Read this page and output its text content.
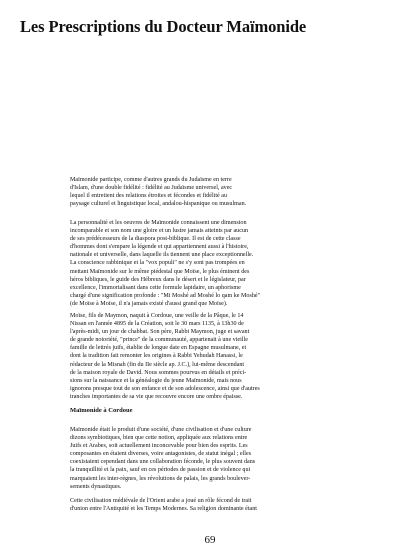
Les Prescriptions du Docteur Maïmonide
Maïmonide participe, comme d'autres grands du Judaïsme en terre
d'Islam, d'une double fidélité : fidélité au Judaïsme universel, avec
lequel il entretient des relations étroites et fécondes et fidélité au
paysage culturel et linguistique local, andalou-hispanique ou musulman.
La personnalité et les oeuvres de Maïmonide connaissent une dimension
incomparable et son nom une gloire et un lustre jamais atteints par aucun
de ses prédécesseurs de la diaspora post-biblique. Il est de cette classe
d'hommes dont s'empare la légende et qui appartiennent aussi à l'histoire,
nationale et universelle, dans laquelle ils tiennent une place exceptionnelle.
La conscience rabbinique et la "vox populi" ne s'y sont pas trompées en
mettant Maïmonide sur le même piédestal que Moïse, le plus éminent des
héros bibliques, le guide des Hébreux dans le désert et le législateur, par
excellence, l'immortalisant dans cette formule lapidaire, un aphorisme
chargé d'une signification profonde : "Mi Moshé ad Moshé lo qam ke Moshé"
(de Moïse à Moïse, il n'a jamais existé d'aussi grand que Moïse).
Moïse, fils de Maymon, naquit à Cordoue, une veille de la Pâque, le 14
Nissan en l'année 4895 de la Création, soit le 30 mars 1135, à 13h30 de
l'après-midi, un jour de chabbat. Son père, Rabbi Maymon, juge et savant
de grande notoriété, "prince" de la communauté, appartenait à une vieille
famille de lettrés juifs, établie de longue date en Espagne musulmane, et
dont la tradition fait remonter les origines à Rabbi Yehudah Hanassi, le
rédacteur de la Misnah (fin du IIe siècle ap. J.C.), lui-même descendant
de la maison royale de David. Nous sommes pourvus en détails et préci-
sions sur la naissance et la généalogie du jeune Maïmonide, mais nous
ignorons presque tout de son enfance et de son adolescence, ainsi que d'autres
tranches importantes de sa vie que recouvre encore une ombre épaisse.
Maïmonide à Cordoue
Maïmonide était le produit d'une société, d'une civilisation et d'une culture
dizons symbiotiques, bien que cette notion, appliquée aux relations entre
Juifs et Arabes, soit actuellement inconcevable pour bien des esprits. Les
composantes en étaient diverses, voire antagonistes, de statut inégal ; elles
coexistaient cependant dans une collaboration féconde, le plus souvent dans
la tranquillité et la paix, sauf en ces périodes de passion et de violence qui
marquaient les inter-règnes, les révolutions de palais, les grands boulever-
sements dynastiques.
Cette civilisation médiévale de l'Orient arabe a joué un rôle fécond de trait
d'union entre l'Antiquité et les Temps Modernes. Sa religion dominante étant
69
